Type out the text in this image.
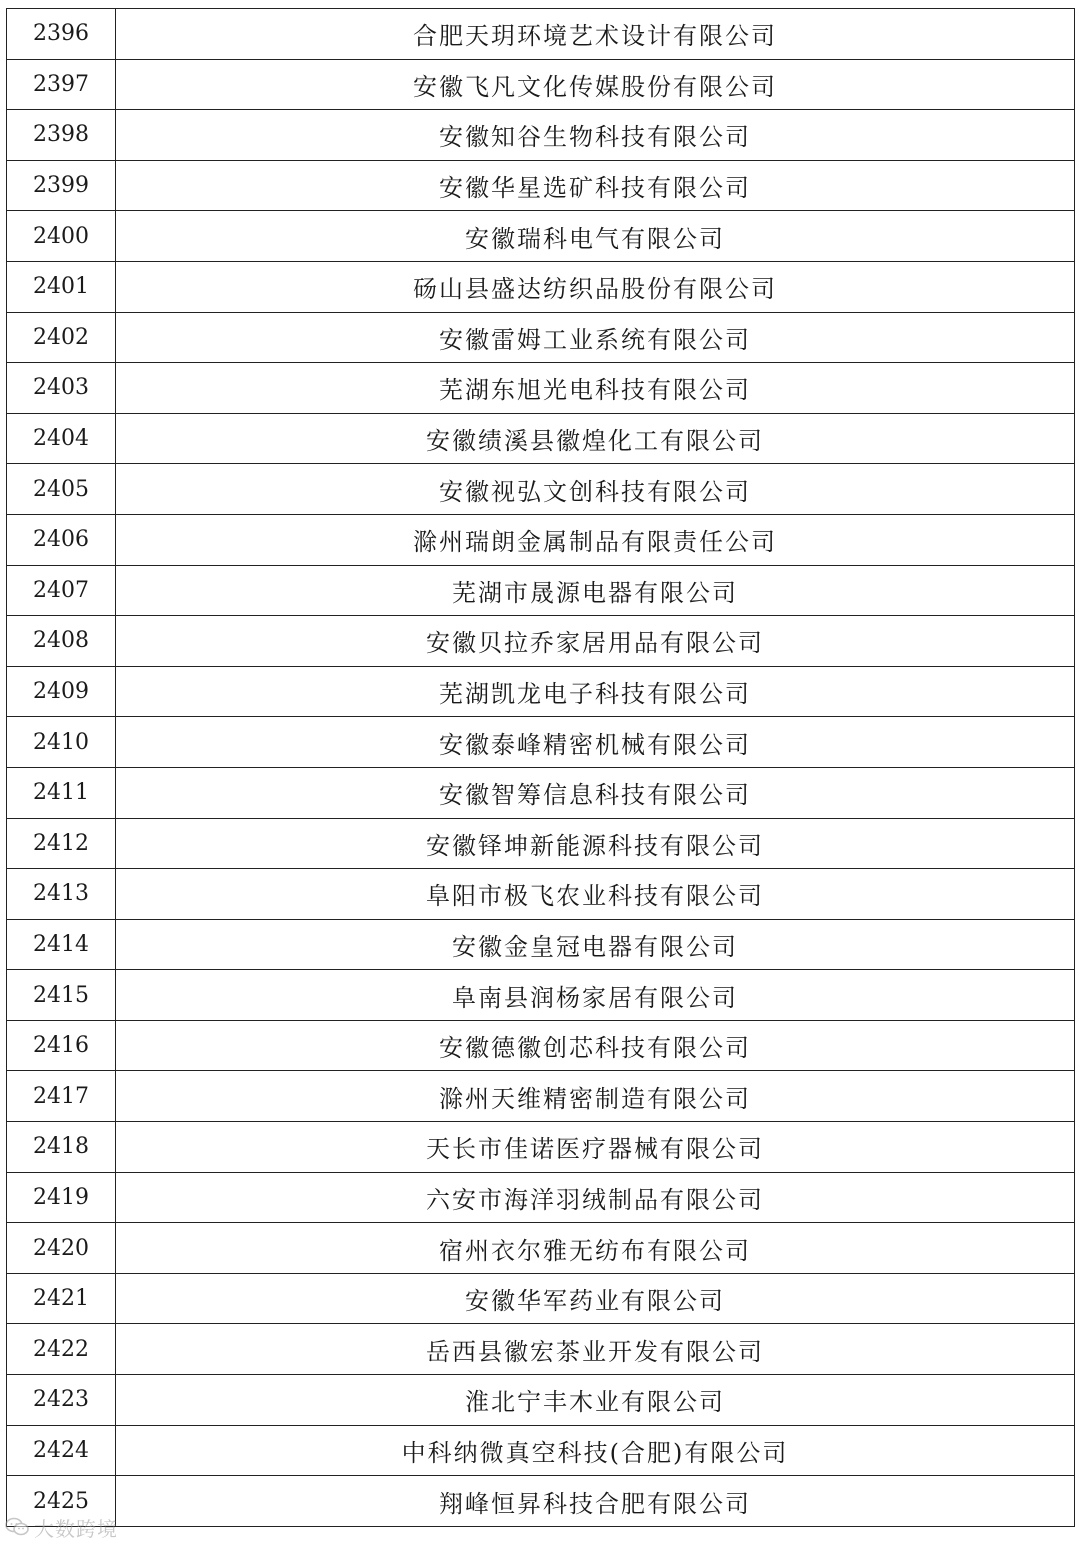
2396	合肥天玥环境艺术设计有限公司
2397	安徽飞凡文化传媒股份有限公司
2398	安徽知谷生物科技有限公司
2399	安徽华星选矿科技有限公司
2400	安徽瑞科电气有限公司
2401	砀山县盛达纺织品股份有限公司
2402	安徽雷姆工业系统有限公司
2403	芜湖东旭光电科技有限公司
2404	安徽绩溪县徽煌化工有限公司
2405	安徽视弘文创科技有限公司
2406	滁州瑞朗金属制品有限责任公司
2407	芜湖市晟源电器有限公司
2408	安徽贝拉乔家居用品有限公司
2409	芜湖凯龙电子科技有限公司
2410	安徽泰峰精密机械有限公司
2411	安徽智筹信息科技有限公司
2412	安徽铎坤新能源科技有限公司
2413	阜阳市极飞农业科技有限公司
2414	安徽金皇冠电器有限公司
2415	阜南县润杨家居有限公司
2416	安徽德徽创芯科技有限公司
2417	滁州天维精密制造有限公司
2418	天长市佳诺医疗器械有限公司
2419	六安市海洋羽绒制品有限公司
2420	宿州衣尔雅无纺布有限公司
2421	安徽华军药业有限公司
2422	岳西县徽宏茶业开发有限公司
2423	淮北宁丰木业有限公司
2424	中科纳微真空科技(合肥)有限公司
2425	翔峰恒昇科技合肥有限公司
大数跨境
